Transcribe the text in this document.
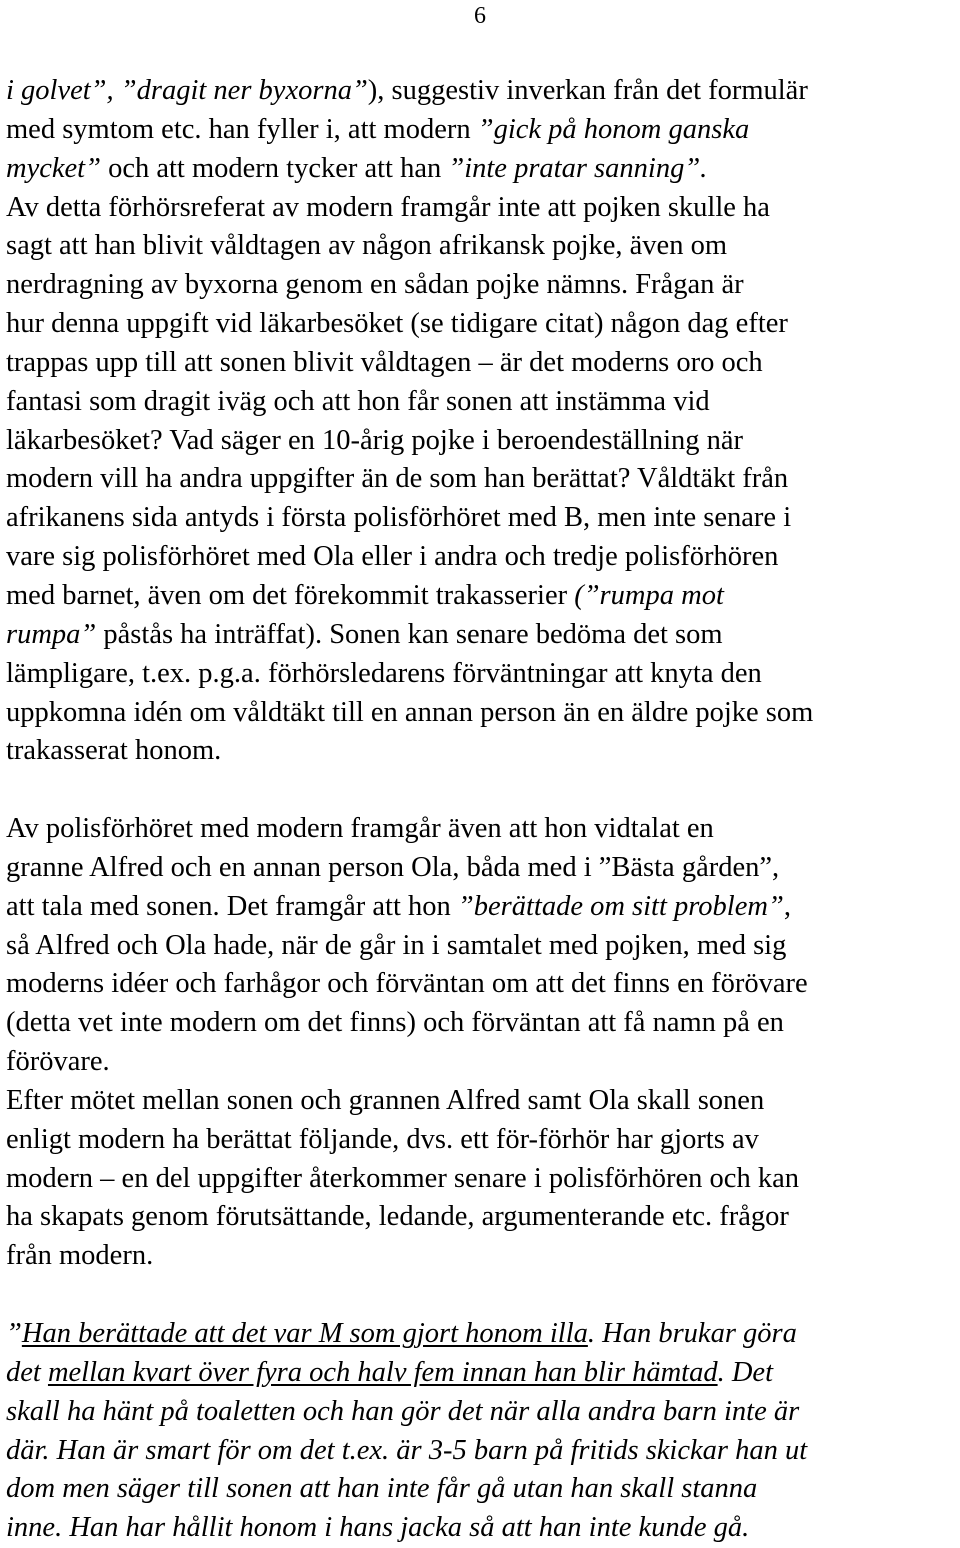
6
i golvet”, ”dragit ner byxorna”), suggestiv inverkan från det formulär
med symtom etc. han fyller i, att modern ”gick på honom ganska
mycket” och att modern tycker att han ”inte pratar sanning”.
Av detta förhörsreferat av modern framgår inte att pojken skulle ha
sagt att han blivit våldtagen av någon afrikansk pojke, även om
nerdragning av byxorna genom en sådan pojke nämns. Frågan är
hur denna uppgift vid läkarbesöket (se tidigare citat) någon dag efter
trappas upp till att sonen blivit våldtagen – är det moderns oro och
fantasi som dragit iväg och att hon får sonen att instämma vid
läkarbesöket? Vad säger en 10-årig pojke i beroendeställning när
modern vill ha andra uppgifter än de som han berättat? Våldtäkt från
afrikanens sida antyds i första polisförhöret med B, men inte senare i
vare sig polisförhöret med Ola eller i andra och tredje polisförhören
med barnet, även om det förekommit trakasserier (”rumpa mot
rumpa” påstås ha inträffat). Sonen kan senare bedöma det som
lämpligare, t.ex. p.g.a. förhörsledarens förväntningar att knyta den
uppkomna idén om våldtäkt till en annan person än en äldre pojke som
trakasserat honom.
Av polisförhöret med modern framgår även att hon vidtalat en
granne Alfred och en annan person Ola, båda med i ”Bästa gården”,
att tala med sonen. Det framgår att hon ”berättade om sitt problem”,
så Alfred och Ola hade, när de går in i samtalet med pojken, med sig
moderns idéer och farhågor och förväntan om att det finns en förövare
(detta vet inte modern om det finns) och förväntan att få namn på en
förövare.
Efter mötet mellan sonen och grannen Alfred samt Ola skall sonen
enligt modern ha berättat följande, dvs. ett för-förhör har gjorts av
modern – en del uppgifter återkommer senare i polisförhören och kan
ha skapats genom förutsättande, ledande, argumenterande etc. frågor
från modern.
”Han berättade att det var M som gjort honom illa. Han brukar göra
det mellan kvart över fyra och halv fem innan han blir hämtad. Det
skall ha hänt på toaletten och han gör det när alla andra barn inte är
där. Han är smart för om det t.ex. är 3-5 barn på fritids skickar han ut
dom men säger till sonen att han inte får gå utan han skall stanna
inne. Han har hållit honom i hans jacka så att han inte kunde gå.
